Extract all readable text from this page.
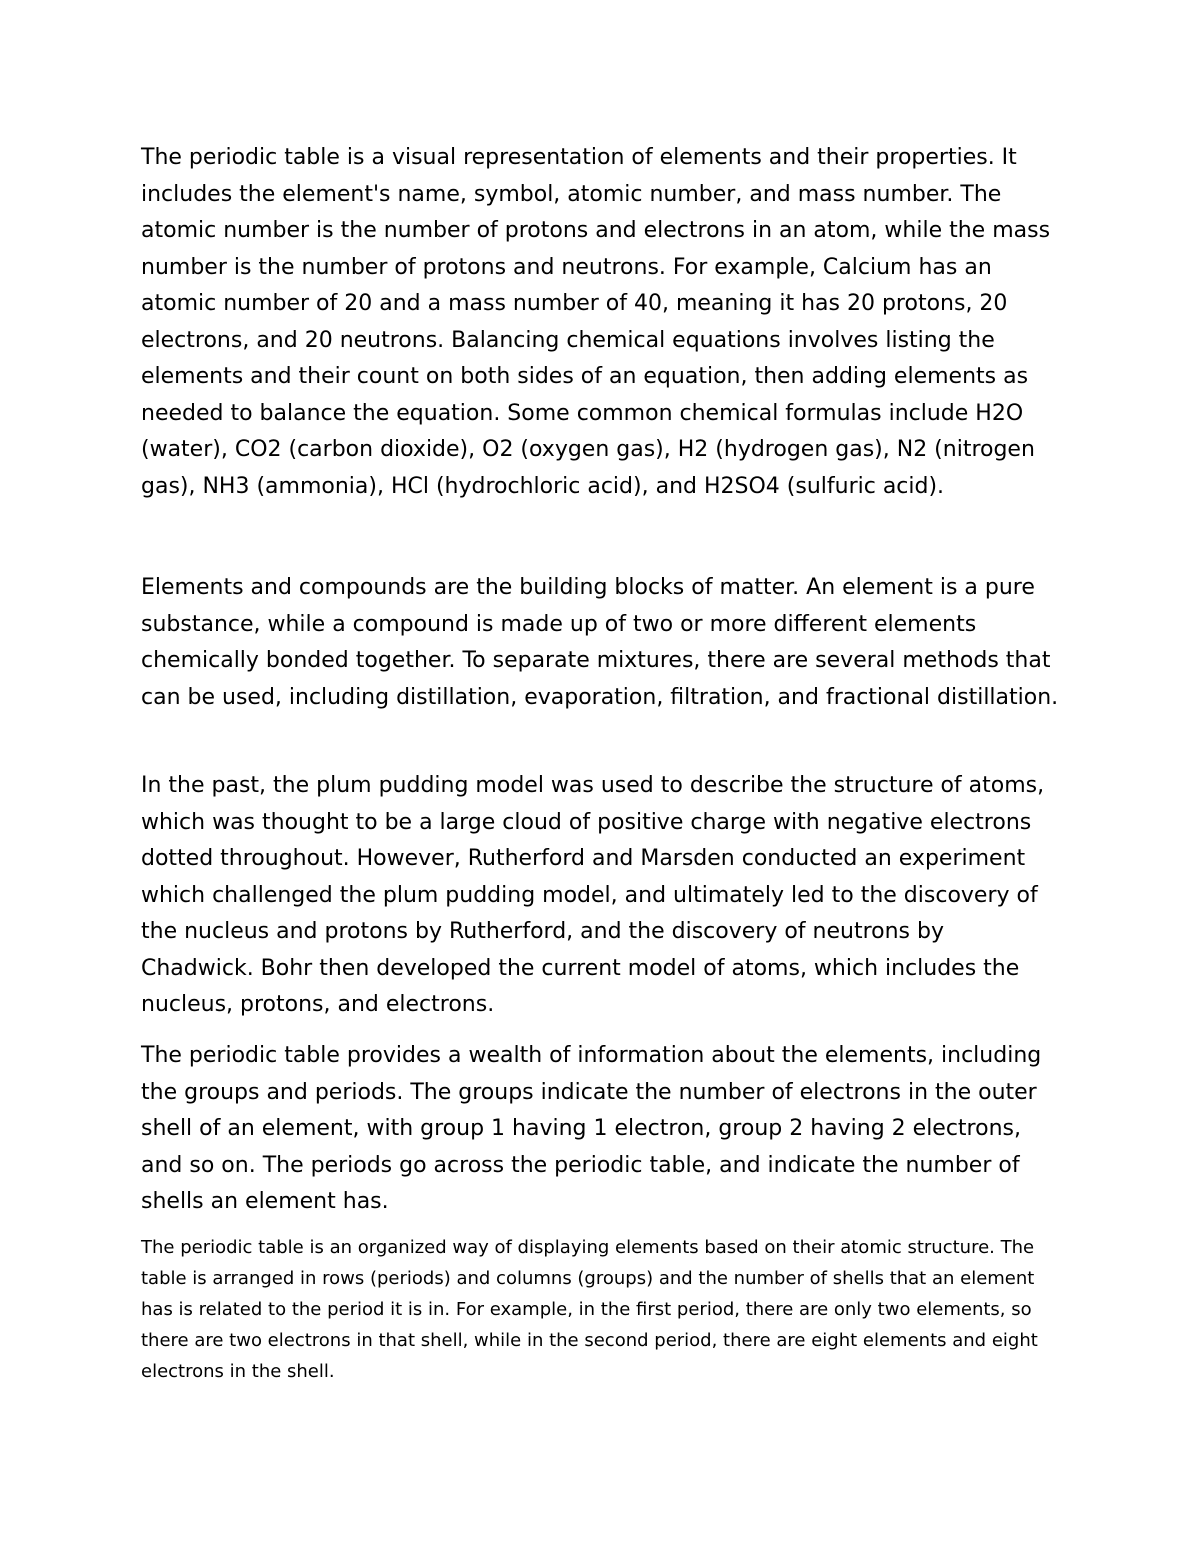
The periodic table is a visual representation of elements and their properties. It includes the element's name, symbol, atomic number, and mass number. The atomic number is the number of protons and electrons in an atom, while the mass number is the number of protons and neutrons. For example, Calcium has an atomic number of 20 and a mass number of 40, meaning it has 20 protons, 20 electrons, and 20 neutrons. Balancing chemical equations involves listing the elements and their count on both sides of an equation, then adding elements as needed to balance the equation. Some common chemical formulas include H2O (water), CO2 (carbon dioxide), O2 (oxygen gas), H2 (hydrogen gas), N2 (nitrogen gas), NH3 (ammonia), HCl (hydrochloric acid), and H2SO4 (sulfuric acid).

Elements and compounds are the building blocks of matter. An element is a pure substance, while a compound is made up of two or more different elements chemically bonded together. To separate mixtures, there are several methods that can be used, including distillation, evaporation, filtration, and fractional distillation.

In the past, the plum pudding model was used to describe the structure of atoms, which was thought to be a large cloud of positive charge with negative electrons dotted throughout. However, Rutherford and Marsden conducted an experiment which challenged the plum pudding model, and ultimately led to the discovery of the nucleus and protons by Rutherford, and the discovery of neutrons by Chadwick. Bohr then developed the current model of atoms, which includes the nucleus, protons, and electrons.

The periodic table provides a wealth of information about the elements, including the groups and periods. The groups indicate the number of electrons in the outer shell of an element, with group 1 having 1 electron, group 2 having 2 electrons, and so on. The periods go across the periodic table, and indicate the number of shells an element has.

The periodic table is an organized way of displaying elements based on their atomic structure. The table is arranged in rows (periods) and columns (groups) and the number of shells that an element has is related to the period it is in. For example, in the first period, there are only two elements, so there are two electrons in that shell, while in the second period, there are eight elements and eight electrons in the shell.
